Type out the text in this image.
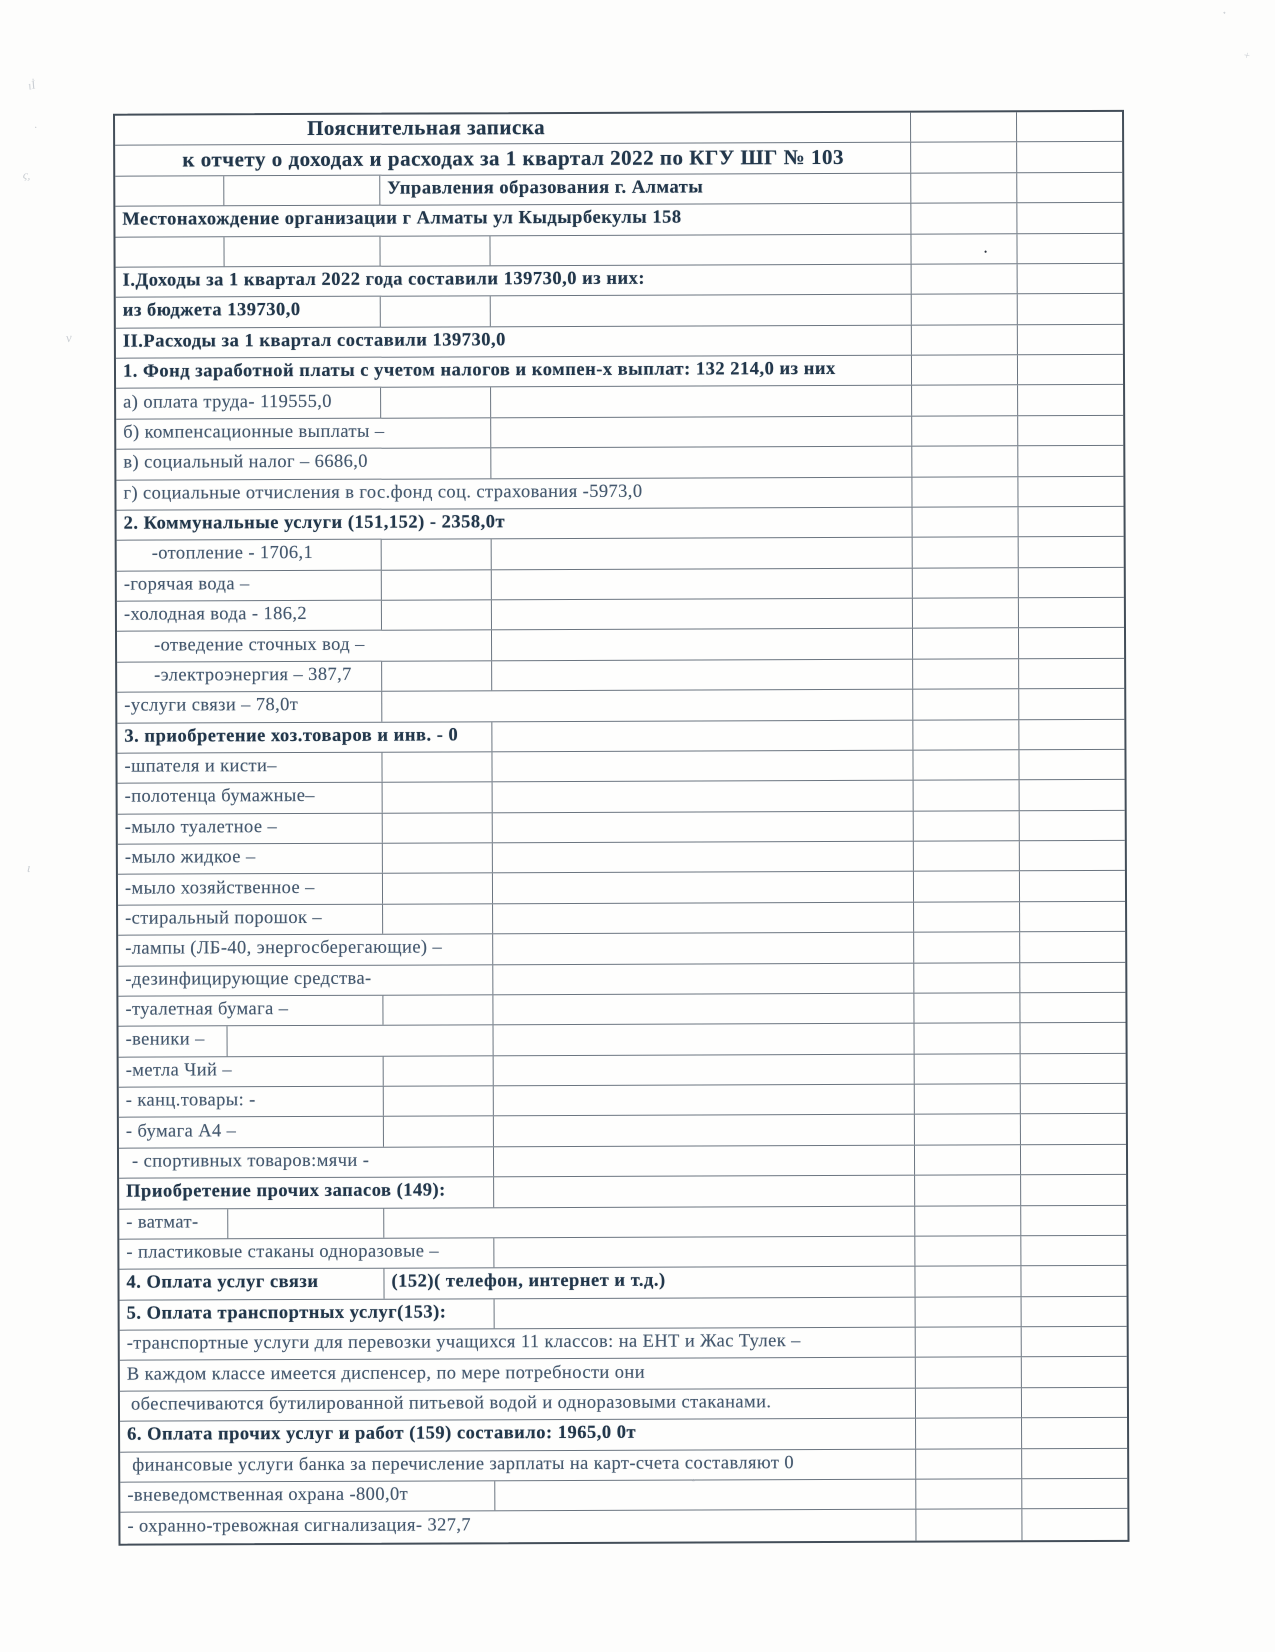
Пояснительная записка
к отчету о доходах и расходах за 1 квартал 2022 по КГУ ШГ № 103
Управления образования г. Алматы
Местонахождение организации г Алматы ул Кыдырбекулы 158
I.Доходы за 1 квартал 2022 года составили 139730,0 из них:
из бюджета 139730,0
II.Расходы за 1 квартал составили 139730,0
1. Фонд заработной платы с учетом налогов и компен-х выплат: 132 214,0 из них
а) оплата труда- 119555,0
б) компенсационные выплаты –
в) социальный налог – 6686,0
г) социальные отчисления в гос.фонд соц. страхования -5973,0
2. Коммунальные услуги (151,152) - 2358,0т
-отопление - 1706,1
-горячая вода –
-холодная вода - 186,2
-отведение сточных вод –
-электроэнергия – 387,7
-услуги связи – 78,0т
3. приобретение хоз.товаров и инв. - 0
-шпателя и кисти–
-полотенца бумажные–
-мыло туалетное –
-мыло жидкое –
-мыло хозяйственное –
-стиральный порошок –
-лампы (ЛБ-40, энергосберегающие) –
-дезинфицирующие средства-
-туалетная бумага –
-веники –
-метла Чий –
- канц.товары: -
- бумага А4 –
- спортивных товаров:мячи -
Приобретение прочих запасов (149):
- ватмат-
- пластиковые стаканы одноразовые –
4. Оплата услуг связи	(152)( телефон, интернет и т.д.)
5. Оплата транспортных услуг(153):
-транспортные услуги для перевозки учащихся 11 классов: на ЕНТ и Жас Тулек –
В каждом классе имеется диспенсер, по мере потребности они
обеспечиваются бутилированной питьевой водой и одноразовыми стаканами.
6. Оплата прочих услуг и работ (159) составило: 1965,0 0т
финансовые услуги банка за перечисление зарплаты на карт-счета составляют 0
-вневедомственная охрана -800,0т
- охранно-тревожная сигнализация- 327,7
ıİ
·
ς,
ν
ι
˖
+
•
﹡
